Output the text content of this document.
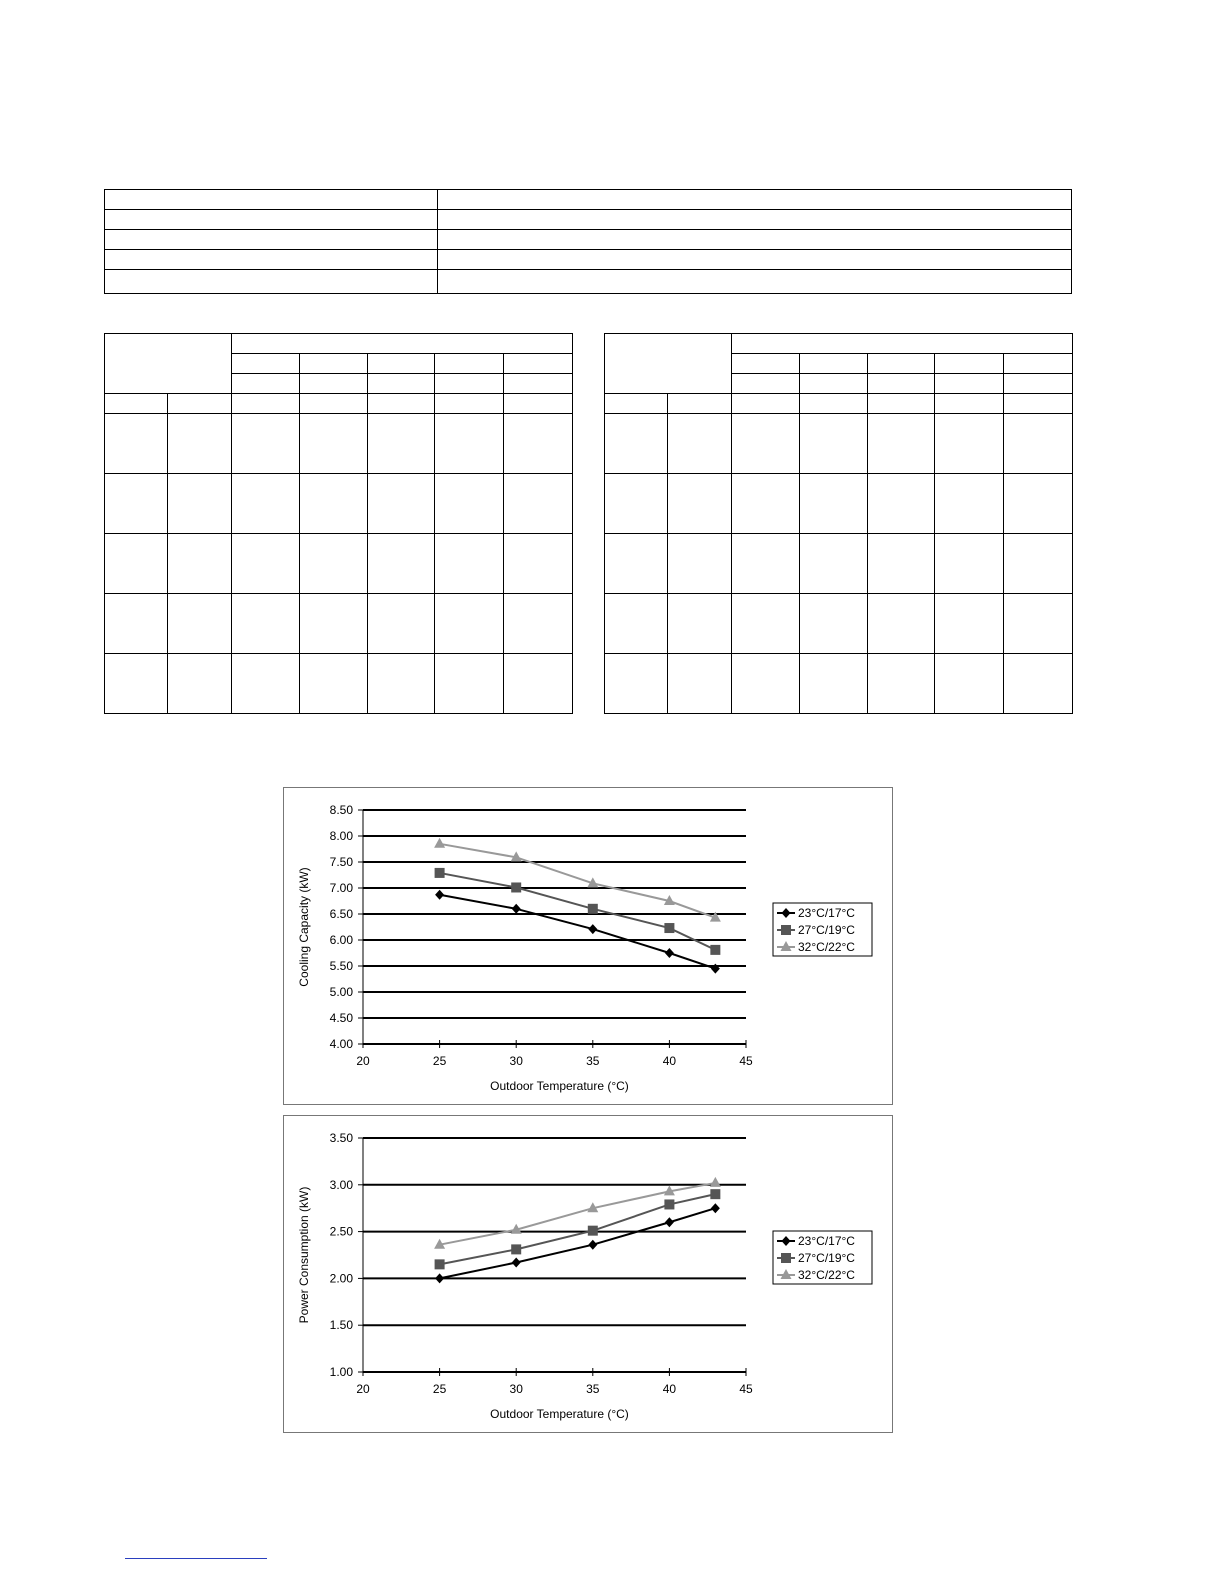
4.00
4.50
5.00
5.50
6.00
6.50
7.00
7.50
8.00
8.50
20	25	30	35	40	45
Outdoor Temperature (°C)
Cooling Capacity (kW)	23°C/17°C
27°C/19°C
32°C/22°C
1.00
1.50
2.00
2.50
3.00
3.50
20	25	30	35	40	45
Outdoor Temperature (°C)
Power Consumption (kW)	23°C/17°C
27°C/19°C
32°C/22°C
